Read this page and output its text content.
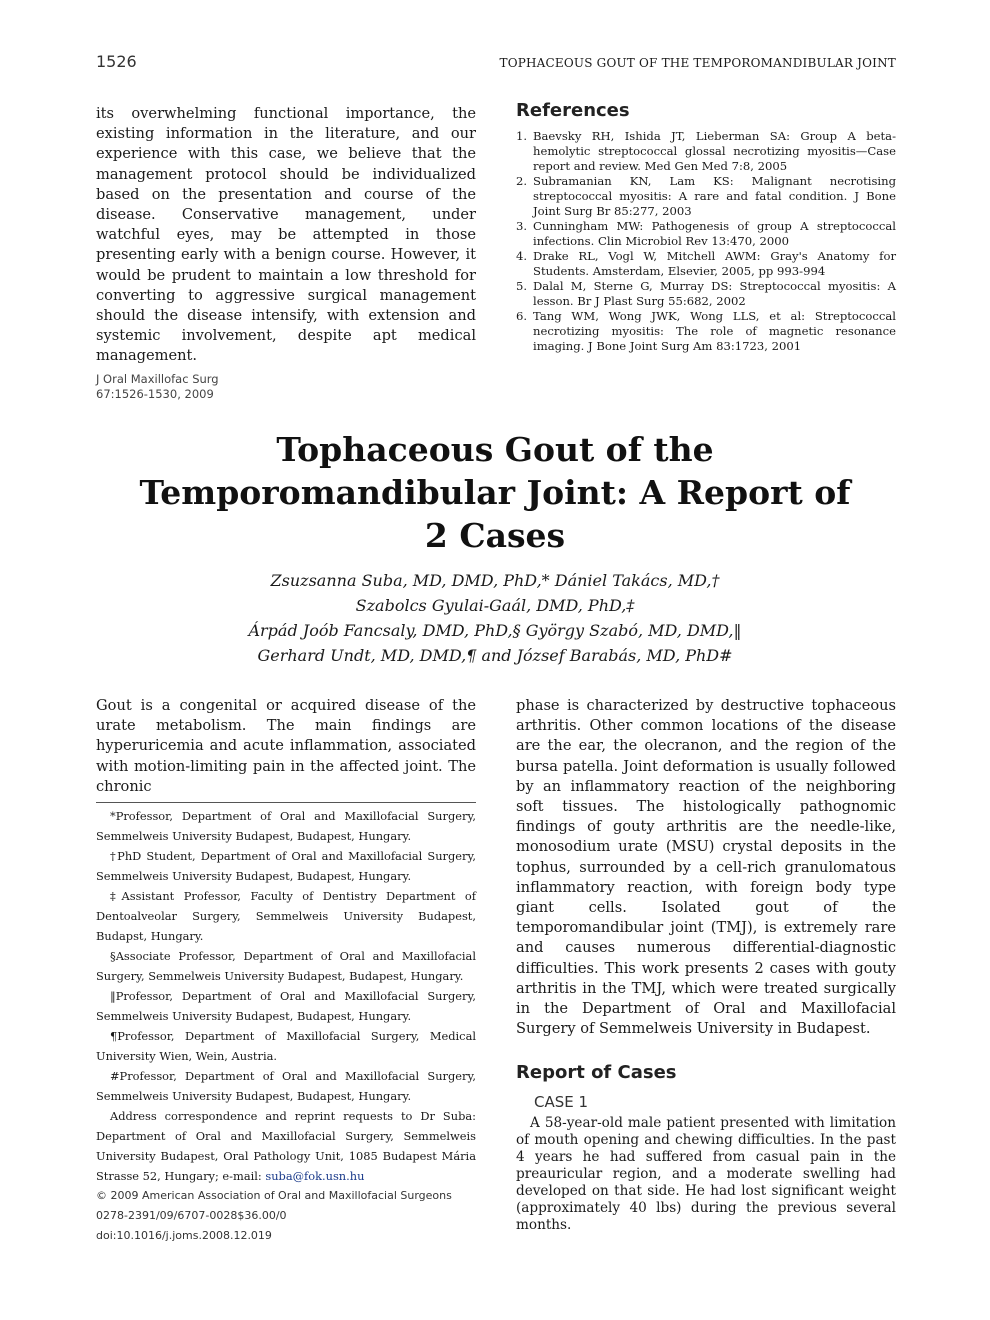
1526	TOPHACEOUS GOUT OF THE TEMPOROMANDIBULAR JOINT

its overwhelming functional importance, the existing information in the literature, and our experience with this case, we believe that the management protocol should be individualized based on the presentation and course of the disease. Conservative management, under watchful eyes, may be attempted in those presenting early with a benign course. However, it would be prudent to maintain a low threshold for converting to aggressive surgical management should the disease intensify, with extension and systemic involvement, despite apt medical management.

References
1. Baevsky RH, Ishida JT, Lieberman SA: Group A beta-hemolytic streptococcal glossal necrotizing myositis—Case report and review. Med Gen Med 7:8, 2005
2. Subramanian KN, Lam KS: Malignant necrotising streptococcal myositis: A rare and fatal condition. J Bone Joint Surg Br 85:277, 2003
3. Cunningham MW: Pathogenesis of group A streptococcal infections. Clin Microbiol Rev 13:470, 2000
4. Drake RL, Vogl W, Mitchell AWM: Gray's Anatomy for Students. Amsterdam, Elsevier, 2005, pp 993-994
5. Dalal M, Sterne G, Murray DS: Streptococcal myositis: A lesson. Br J Plast Surg 55:682, 2002
6. Tang WM, Wong JWK, Wong LLS, et al: Streptococcal necrotizing myositis: The role of magnetic resonance imaging. J Bone Joint Surg Am 83:1723, 2001
J Oral Maxillofac Surg
67:1526-1530, 2009
Tophaceous Gout of the
Temporomandibular Joint: A Report of
2 Cases
Zsuzsanna Suba, MD, DMD, PhD,* Dániel Takács, MD,†
Szabolcs Gyulai-Gaál, DMD, PhD,‡
Árpád Joób Fancsaly, DMD, PhD,§ György Szabó, MD, DMD,‖
Gerhard Undt, MD, DMD,¶ and József Barabás, MD, PhD#

Gout is a congenital or acquired disease of the urate metabolism. The main findings are hyperuricemia and acute inflammation, associated with motion-limiting pain in the affected joint. The chronic

*Professor, Department of Oral and Maxillofacial Surgery, Semmelweis University Budapest, Budapest, Hungary.

†PhD Student, Department of Oral and Maxillofacial Surgery, Semmelweis University Budapest, Budapest, Hungary.

‡Assistant Professor, Faculty of Dentistry Department of Dentoalveolar Surgery, Semmelweis University Budapest, Budapst, Hungary.

§Associate Professor, Department of Oral and Maxillofacial Surgery, Semmelweis University Budapest, Budapest, Hungary.

‖Professor, Department of Oral and Maxillofacial Surgery, Semmelweis University Budapest, Budapest, Hungary.

¶Professor, Department of Maxillofacial Surgery, Medical University Wien, Wein, Austria.

#Professor, Department of Oral and Maxillofacial Surgery, Semmelweis University Budapest, Budapest, Hungary.

Address correspondence and reprint requests to Dr Suba: Department of Oral and Maxillofacial Surgery, Semmelweis University Budapest, Oral Pathology Unit, 1085 Budapest Mária Strasse 52, Hungary; e-mail: suba@fok.usn.hu

© 2009 American Association of Oral and Maxillofacial Surgeons

0278-2391/09/6707-0028$36.00/0

doi:10.1016/j.joms.2008.12.019

phase is characterized by destructive tophaceous arthritis. Other common locations of the disease are the ear, the olecranon, and the region of the bursa patella. Joint deformation is usually followed by an inflammatory reaction of the neighboring soft tissues. The histologically pathognomic findings of gouty arthritis are the needle-like, monosodium urate (MSU) crystal deposits in the tophus, surrounded by a cell-rich granulomatous inflammatory reaction, with foreign body type giant cells. Isolated gout of the temporomandibular joint (TMJ), is extremely rare and causes numerous differential-diagnostic difficulties. This work presents 2 cases with gouty arthritis in the TMJ, which were treated surgically in the Department of Oral and Maxillofacial Surgery of Semmelweis University in Budapest.

Report of Cases
CASE 1

A 58-year-old male patient presented with limitation of mouth opening and chewing difficulties. In the past 4 years he had suffered from casual pain in the preauricular region, and a moderate swelling had developed on that side. He had lost significant weight (approximately 40 lbs) during the previous several months.
